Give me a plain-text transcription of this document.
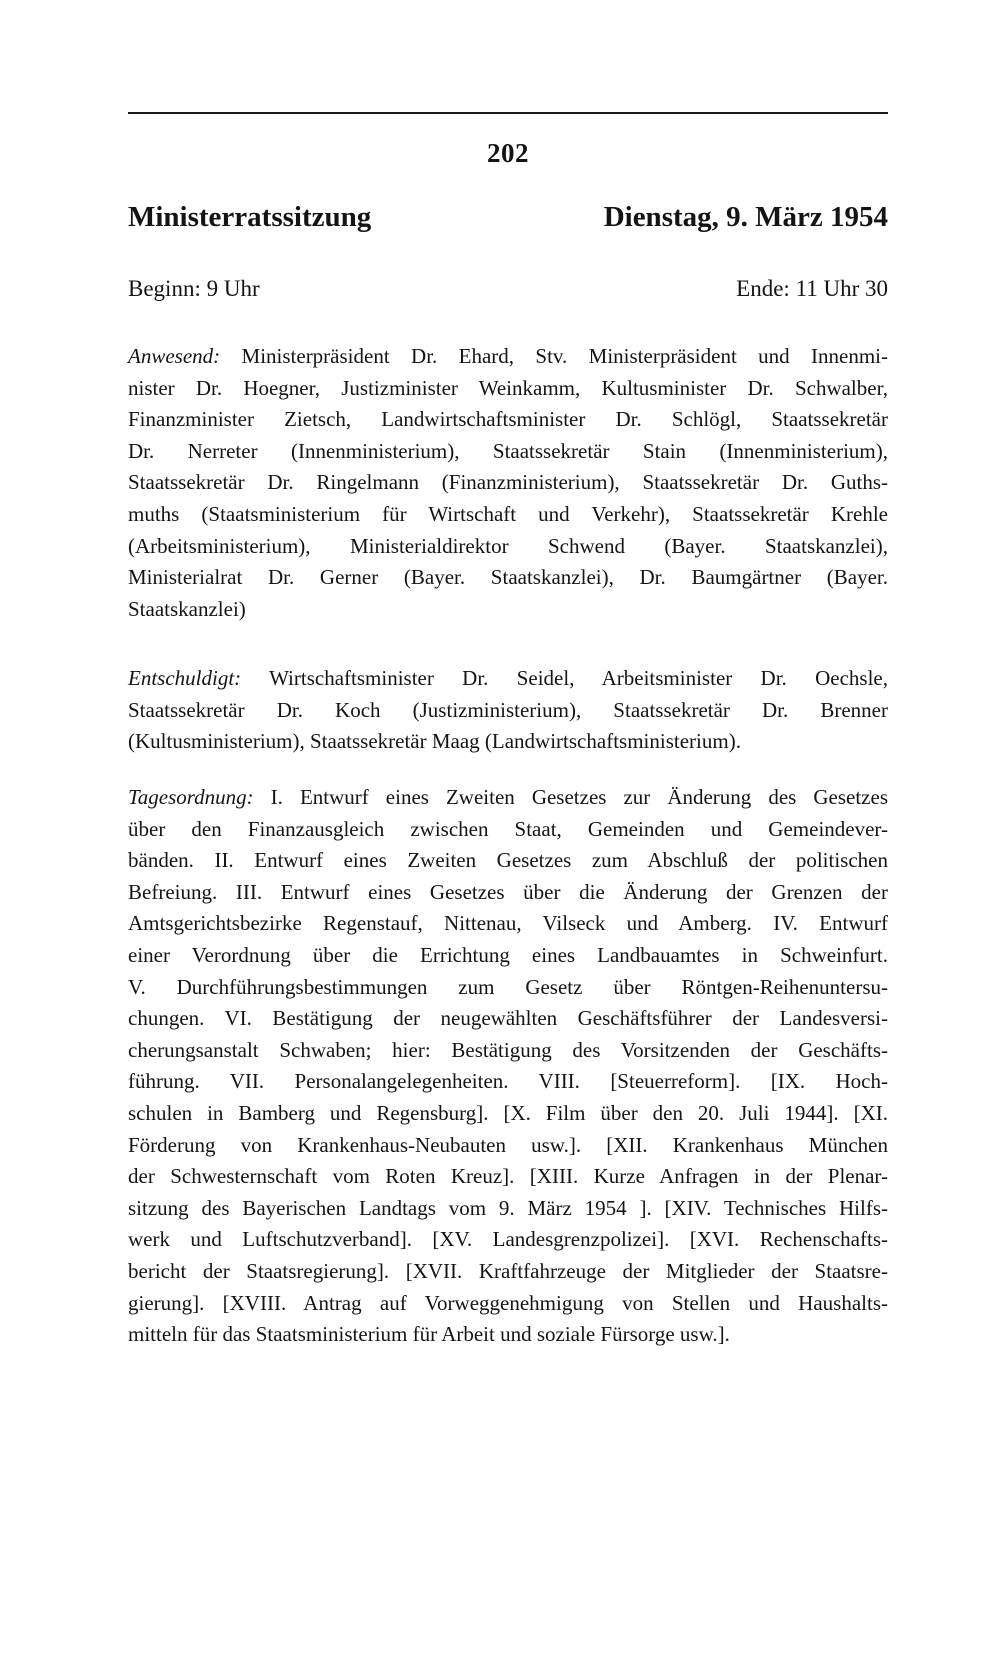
202
Ministerratssitzung	Dienstag, 9. März 1954
Beginn: 9 Uhr	Ende: 11 Uhr 30
Anwesend: Ministerpräsident Dr. Ehard, Stv. Ministerpräsident und Innenmi-
nister Dr. Hoegner, Justizminister Weinkamm, Kultusminister Dr. Schwalber,
Finanzminister Zietsch, Landwirtschaftsminister Dr. Schlögl, Staatssekretär
Dr. Nerreter (Innenministerium), Staatssekretär Stain (Innenministerium),
Staatssekretär Dr. Ringelmann (Finanzministerium), Staatssekretär Dr. Guths-
muths (Staatsministerium für Wirtschaft und Verkehr), Staatssekretär Krehle
(Arbeitsministerium), Ministerialdirektor Schwend (Bayer. Staatskanzlei),
Ministerialrat Dr. Gerner (Bayer. Staatskanzlei), Dr. Baumgärtner (Bayer.
Staatskanzlei)
Entschuldigt: Wirtschaftsminister Dr. Seidel, Arbeitsminister Dr. Oechsle,
Staatssekretär Dr. Koch (Justizministerium), Staatssekretär Dr. Brenner
(Kultusministerium), Staatssekretär Maag (Landwirtschaftsministerium).
Tagesordnung: I. Entwurf eines Zweiten Gesetzes zur Änderung des Gesetzes
über den Finanzausgleich zwischen Staat, Gemeinden und Gemeindever-
bänden. II. Entwurf eines Zweiten Gesetzes zum Abschluß der politischen
Befreiung. III. Entwurf eines Gesetzes über die Änderung der Grenzen der
Amtsgerichtsbezirke Regenstauf, Nittenau, Vilseck und Amberg. IV. Entwurf
einer Verordnung über die Errichtung eines Landbauamtes in Schweinfurt.
V. Durchführungsbestimmungen zum Gesetz über Röntgen-Reihenuntersu-
chungen. VI. Bestätigung der neugewählten Geschäftsführer der Landesversi-
cherungsanstalt Schwaben; hier: Bestätigung des Vorsitzenden der Geschäfts-
führung. VII. Personalangelegenheiten. VIII. [Steuerreform]. [IX. Hoch-
schulen in Bamberg und Regensburg]. [X. Film über den 20. Juli 1944]. [XI.
Förderung von Krankenhaus-Neubauten usw.]. [XII. Krankenhaus München
der Schwesternschaft vom Roten Kreuz]. [XIII. Kurze Anfragen in der Plenar-
sitzung des Bayerischen Landtags vom 9. März 1954 ]. [XIV. Technisches Hilfs-
werk und Luftschutzverband]. [XV. Landesgrenzpolizei]. [XVI. Rechenschafts-
bericht der Staatsregierung]. [XVII. Kraftfahrzeuge der Mitglieder der Staatsre-
gierung]. [XVIII. Antrag auf Vorweggenehmigung von Stellen und Haushalts-
mitteln für das Staatsministerium für Arbeit und soziale Fürsorge usw.].
